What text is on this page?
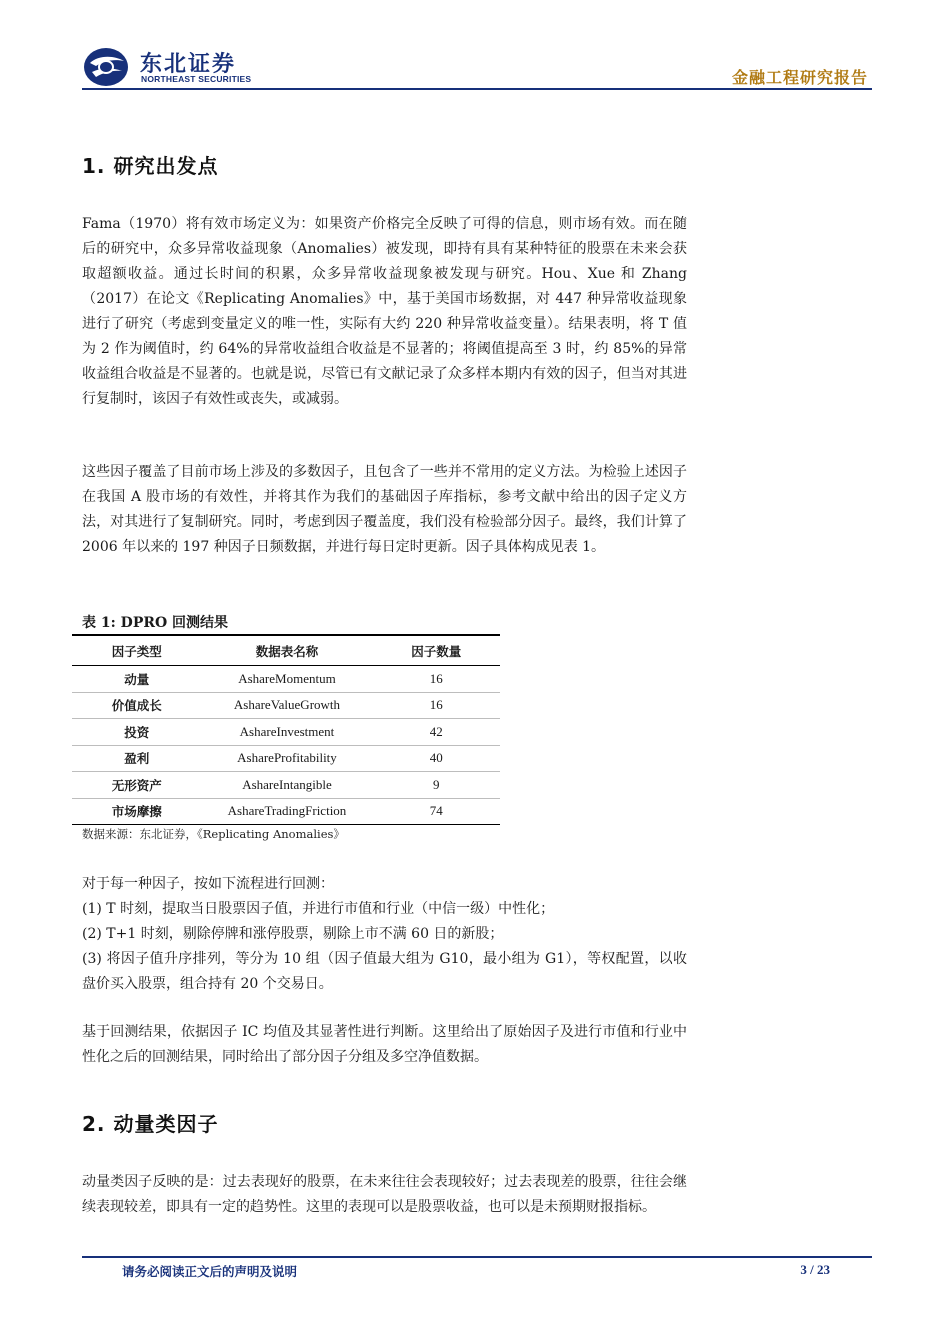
东北证券
NORTHEAST SECURITIES	金融工程研究报告
1. 研究出发点

Fama（1970）将有效市场定义为：如果资产价格完全反映了可得的信息，则市场有效。而在随后的研究中，众多异常收益现象（Anomalies）被发现，即持有具有某种特征的股票在未来会获取超额收益。通过长时间的积累，众多异常收益现象被发现与研究。Hou、Xue 和 Zhang（2017）在论文《Replicating Anomalies》中，基于美国市场数据，对 447 种异常收益现象进行了研究（考虑到变量定义的唯一性，实际有大约 220 种异常收益变量）。结果表明，将 T 值为 2 作为阈值时，约 64%的异常收益组合收益是不显著的；将阈值提高至 3 时，约 85%的异常收益组合收益是不显著的。也就是说，尽管已有文献记录了众多样本期内有效的因子，但当对其进行复制时，该因子有效性或丧失，或减弱。

这些因子覆盖了目前市场上涉及的多数因子，且包含了一些并不常用的定义方法。为检验上述因子在我国 A 股市场的有效性，并将其作为我们的基础因子库指标，参考文献中给出的因子定义方法，对其进行了复制研究。同时，考虑到因子覆盖度，我们没有检验部分因子。最终，我们计算了 2006 年以来的 197 种因子日频数据，并进行每日定时更新。因子具体构成见表 1。

表 1: DPRO 回测结果
因子类型	数据表名称	因子数量
动量	AshareMomentum	16
价值成长	AshareValueGrowth	16
投资	AshareInvestment	42
盈利	AshareProfitability	40
无形资产	AshareIntangible	9
市场摩擦	AshareTradingFriction	74
数据来源：东北证券，《Replicating Anomalies》

对于每一种因子，按如下流程进行回测：

(1) T 时刻，提取当日股票因子值，并进行市值和行业（中信一级）中性化；

(2) T+1 时刻，剔除停牌和涨停股票，剔除上市不满 60 日的新股；

(3) 将因子值升序排列，等分为 10 组（因子值最大组为 G10，最小组为 G1），等权配置，以收盘价买入股票，组合持有 20 个交易日。

基于回测结果，依据因子 IC 均值及其显著性进行判断。这里给出了原始因子及进行市值和行业中性化之后的回测结果，同时给出了部分因子分组及多空净值数据。

2. 动量类因子

动量类因子反映的是：过去表现好的股票，在未来往往会表现较好；过去表现差的股票，往往会继续表现较差，即具有一定的趋势性。这里的表现可以是股票收益，也可以是未预期财报指标。

请务必阅读正文后的声明及说明	3 / 23
